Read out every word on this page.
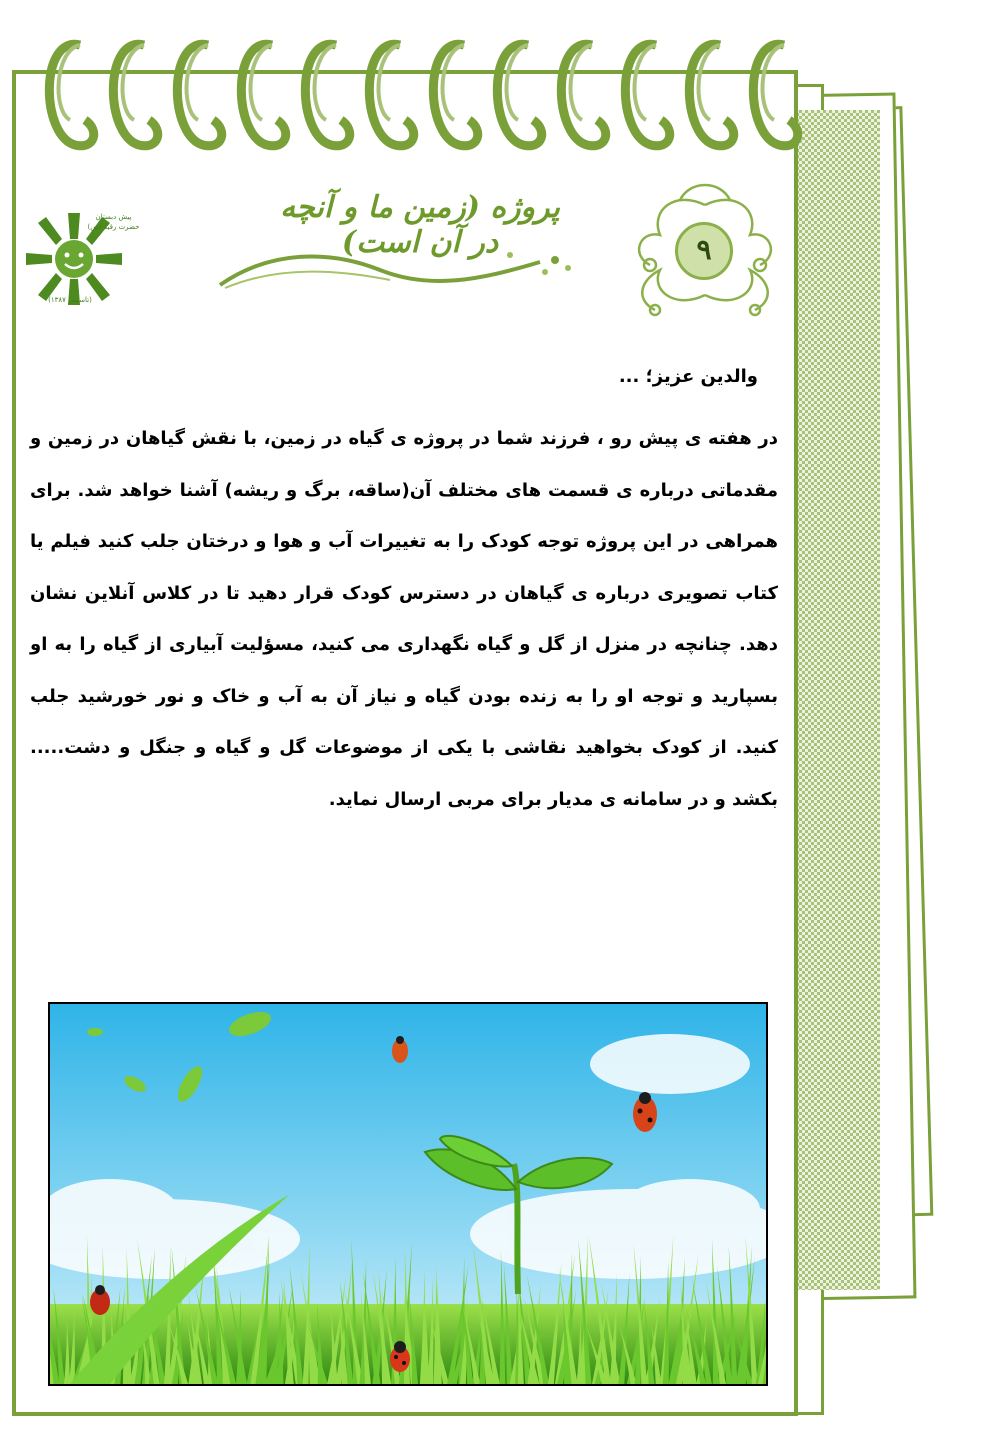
پروژه (زمین ما و آنچه در آن است)	۹
پیش دبستان حضرت رقیه (س)
(تاسیس ۱۳۸۷)

والدین عزیز؛ ...

در هفته ی پیش رو ، فرزند شما در پروژه ی گیاه در زمین، با نقش گیاهان در زمین و مقدماتی درباره ی قسمت های مختلف آن(ساقه، برگ و ریشه) آشنا خواهد شد. برای همراهی در این پروژه توجه کودک را به تغییرات آب و هوا و درختان جلب کنید فیلم یا کتاب تصویری درباره ی گیاهان در دسترس کودک قرار دهید تا در کلاس آنلاین نشان دهد. چنانچه در منزل از گل و گیاه نگهداری می کنید، مسؤلیت آبیاری از گیاه را به او بسپارید و توجه او را به زنده بودن گیاه و نیاز آن به آب و خاک و نور خورشید جلب کنید. از کودک بخواهید نقاشی با یکی از موضوعات گل و گیاه و جنگل و دشت..... بکشد و در سامانه ی مدیار برای مربی ارسال نماید.
